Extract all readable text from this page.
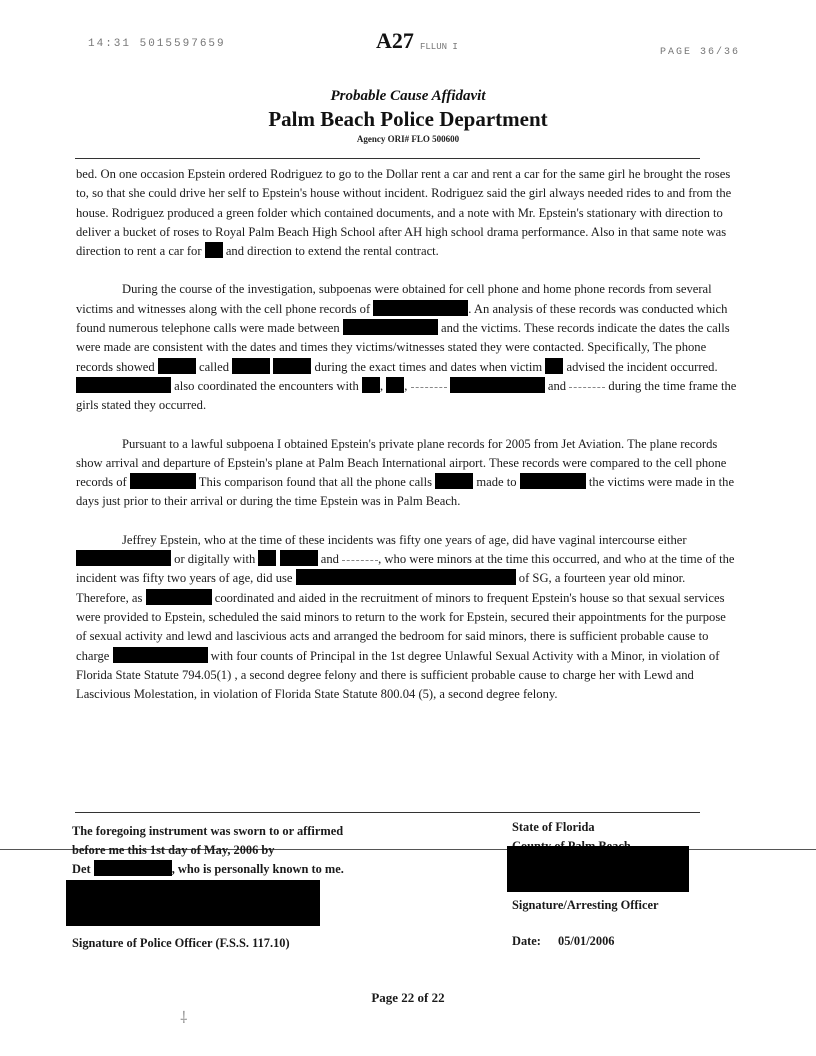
14:31 5015597659	A27 FLLUN I	PAGE 36/36
Probable Cause Affidavit
Palm Beach Police Department
Agency ORI# FLO 500600

bed. On one occasion Epstein ordered Rodriguez to go to the Dollar rent a car and rent a car for the same girl he brought the roses to, so that she could drive her self to Epstein's house without incident. Rodriguez said the girl always needed rides to and from the house. Rodriguez produced a green folder which contained documents, and a note with Mr. Epstein's stationary with direction to deliver a bucket of roses to Royal Palm Beach High School after AH high school drama performance. Also in that same note was direction to rent a car for and direction to extend the rental contract.

During the course of the investigation, subpoenas were obtained for cell phone and home phone records from several victims and witnesses along with the cell phone records of	. An analysis of these records was conducted which found numerous telephone calls were made between	and the victims. These records indicate the dates the calls were made are consistent with the dates and times they victims/witnesses stated they were contacted. Specifically, The phone records showed	called	during the exact times and dates when victim advised the incident occurred.  also coordinated the encounters with , ,	and	during the time frame the girls stated they occurred.

Pursuant to a lawful subpoena I obtained Epstein's private plane records for 2005 from Jet Aviation. The plane records show arrival and departure of Epstein's plane at Palm Beach International airport. These records were compared to the cell phone records of	This comparison found that all the phone calls	made to	the victims were made in the days just prior to their arrival or during the time Epstein was in Palm Beach.

Jeffrey Epstein, who at the time of these incidents was fifty one years of age, did have vaginal intercourse either  or digitally with	and	, who were minors at the time this occurred, and who at the time of the incident was fifty two years of age, did use	of SG, a fourteen year old minor. Therefore, as	coordinated and aided in the recruitment of minors to frequent Epstein's house so that sexual services were provided to Epstein, scheduled the said minors to return to the work for Epstein, secured their appointments for the purpose of sexual activity and lewd and lascivious acts and arranged the bedroom for said minors, there is sufficient probable cause to charge	with four counts of Principal in the 1st degree Unlawful Sexual Activity with a Minor, in violation of Florida State Statute 794.05(1) , a second degree felony and there is sufficient probable cause to charge her with Lewd and Lascivious Molestation, in violation of Florida State Statute 800.04 (5), a second degree felony.

The foregoing instrument was sworn to or affirmed
before me this 1st day of May, 2006 by
Det	, who is personally known to me.
Signature of Police Officer (F.S.S. 117.10)
State of Florida
Signature/Arresting Officer
Date: 05/01/2006
Page 22 of 22
⸸
